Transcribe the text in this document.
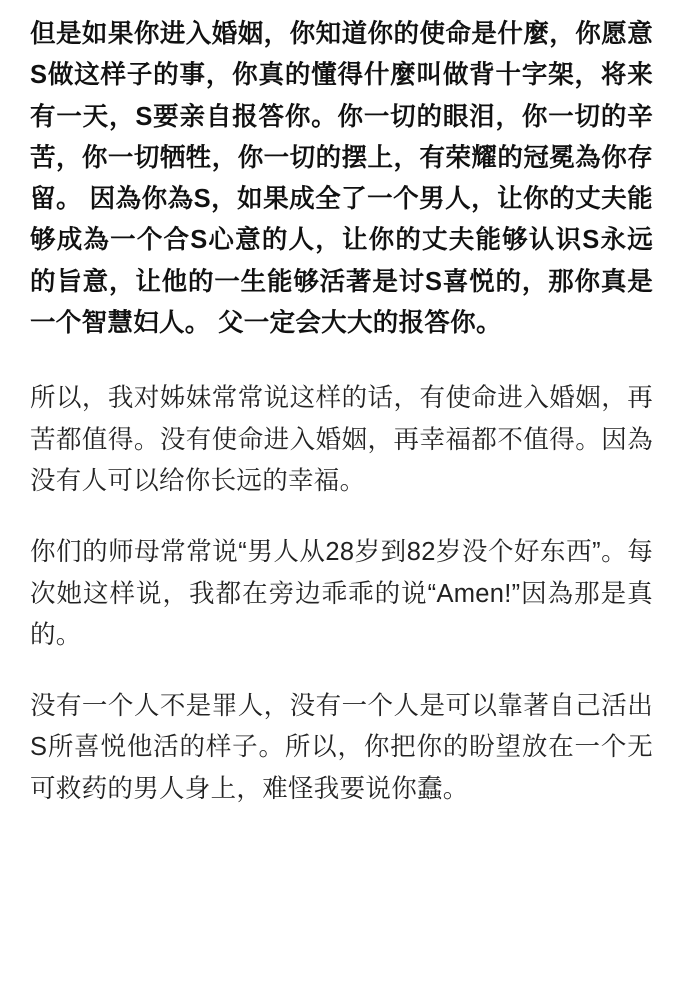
但是如果你进入婚姻，你知道你的使命是什麼，你愿意S做这样子的事，你真的懂得什麼叫做背十字架，将来有一天，S要亲自报答你。你一切的眼泪，你一切的辛苦，你一切牺牲，你一切的摆上，有荣耀的冠冕為你存留。 因為你為S，如果成全了一个男人，让你的丈夫能够成為一个合S心意的人，让你的丈夫能够认识S永远的旨意，让他的一生能够活著是讨S喜悦的，那你真是一个智慧妇人。 父一定会大大的报答你。

所以，我对姊妹常常说这样的话，有使命进入婚姻，再苦都值得。没有使命进入婚姻，再幸福都不值得。因為没有人可以给你长远的幸福。

你们的师母常常说“男人从28岁到82岁没个好东西”。每次她这样说，我都在旁边乖乖的说“Amen!”因為那是真的。

没有一个人不是罪人，没有一个人是可以靠著自己活出S所喜悦他活的样子。所以，你把你的盼望放在一个无可救药的男人身上，难怪我要说你蠢。
